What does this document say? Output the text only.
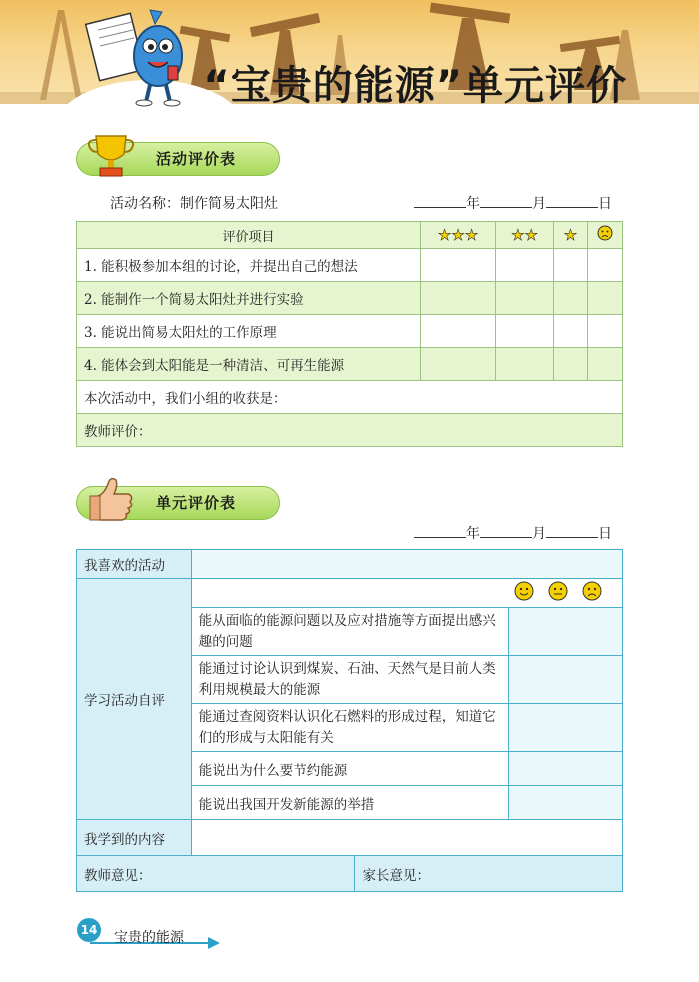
“宝贵的能源”单元评价
活动评价表
活动名称：制作简易太阳灶	年	月	日
评价项目	★★★	★★	★	
1. 能积极参加本组的讨论，并提出自己的想法				
2. 能制作一个简易太阳灶并进行实验				
3. 能说出简易太阳灶的工作原理				
4. 能体会到太阳能是一种清洁、可再生能源				
本次活动中，我们小组的收获是：				
教师评价：				
单元评价表
年	月	日
我喜欢的活动			
学习活动自评	
	能从面临的能源问题以及应对措施等方面提出感兴趣的问题		
	能通过讨论认识到煤炭、石油、天然气是目前人类利用规模最大的能源		
	能通过查阅资料认识化石燃料的形成过程，知道它们的形成与太阳能有关		
	能说出为什么要节约能源		
	能说出我国开发新能源的举措		
我学到的内容			
教师意见：		家长意见：	
14 宝贵的能源
